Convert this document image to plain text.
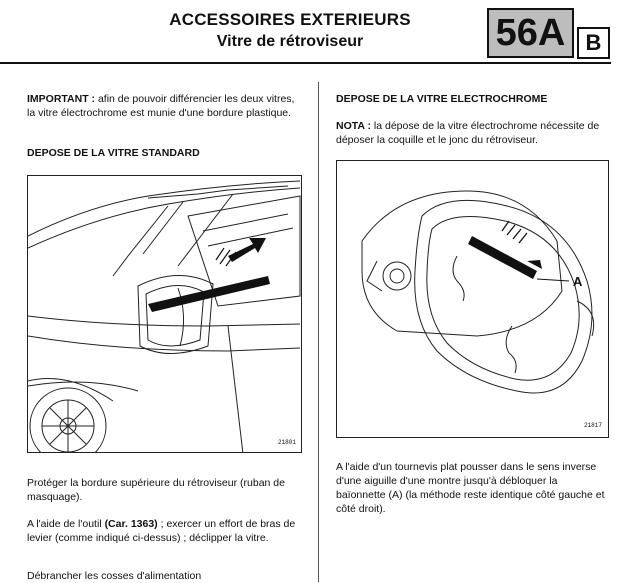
ACCESSOIRES EXTERIEURS
Vitre de rétroviseur	56A B

IMPORTANT : afin de pouvoir différencier les deux vitres, la vitre électrochrome est munie d'une bordure plastique.

DEPOSE DE LA VITRE STANDARD
21801
Protéger la bordure supérieure du rétroviseur (ruban de masquage).

A l'aide de l'outil (Car. 1363) ; exercer un effort de bras de levier (comme indiqué ci-dessus) ; déclipper la vitre.

Débrancher les cosses d'alimentation
DEPOSE DE LA VITRE ELECTROCHROME

NOTA : la dépose de la vitre électrochrome nécessite de déposer la coquille et le jonc du rétroviseur.

A
21817
A l'aide d'un tournevis plat pousser dans le sens inverse d'une aiguille d'une montre jusqu'à débloquer la baïonnette (A) (la méthode reste identique côté gauche et côté droit).
